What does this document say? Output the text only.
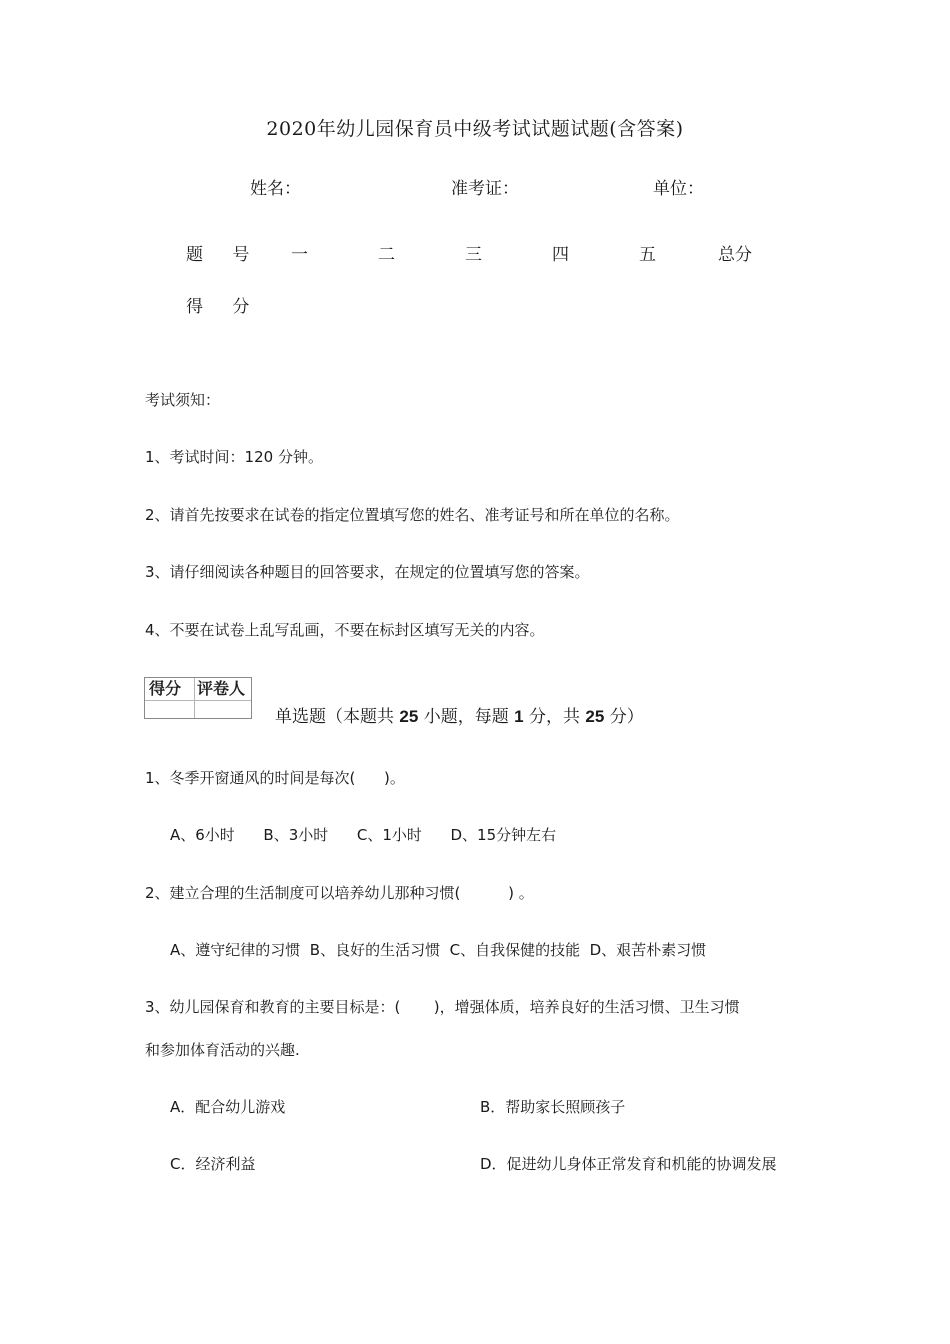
2020年幼儿园保育员中级考试试题试题(含答案)
姓名：	准考证：	单位：
题 号 一	二	三	四	五	总分
得 分
考试须知：
1、考试时间：120 分钟。
2、请首先按要求在试卷的指定位置填写您的姓名、准考证号和所在单位的名称。
3、请仔细阅读各种题目的回答要求，在规定的位置填写您的答案。
4、不要在试卷上乱写乱画，不要在标封区填写无关的内容。
得分 评卷人
单选题（本题共 25 小题，每题 1 分，共 25 分）
1、冬季开窗通风的时间是每次(      )。
A、6小时      B、3小时      C、1小时      D、15分钟左右
2、建立合理的生活制度可以培养幼儿那种习惯(          ) 。
A、遵守纪律的习惯  B、良好的生活习惯  C、自我保健的技能  D、艰苦朴素习惯
3、幼儿园保育和教育的主要目标是：(       )，增强体质，培养良好的生活习惯、卫生习惯
和参加体育活动的兴趣.
A．配合幼儿游戏	B．帮助家长照顾孩子
C．经济利益	D．促进幼儿身体正常发育和机能的协调发展
